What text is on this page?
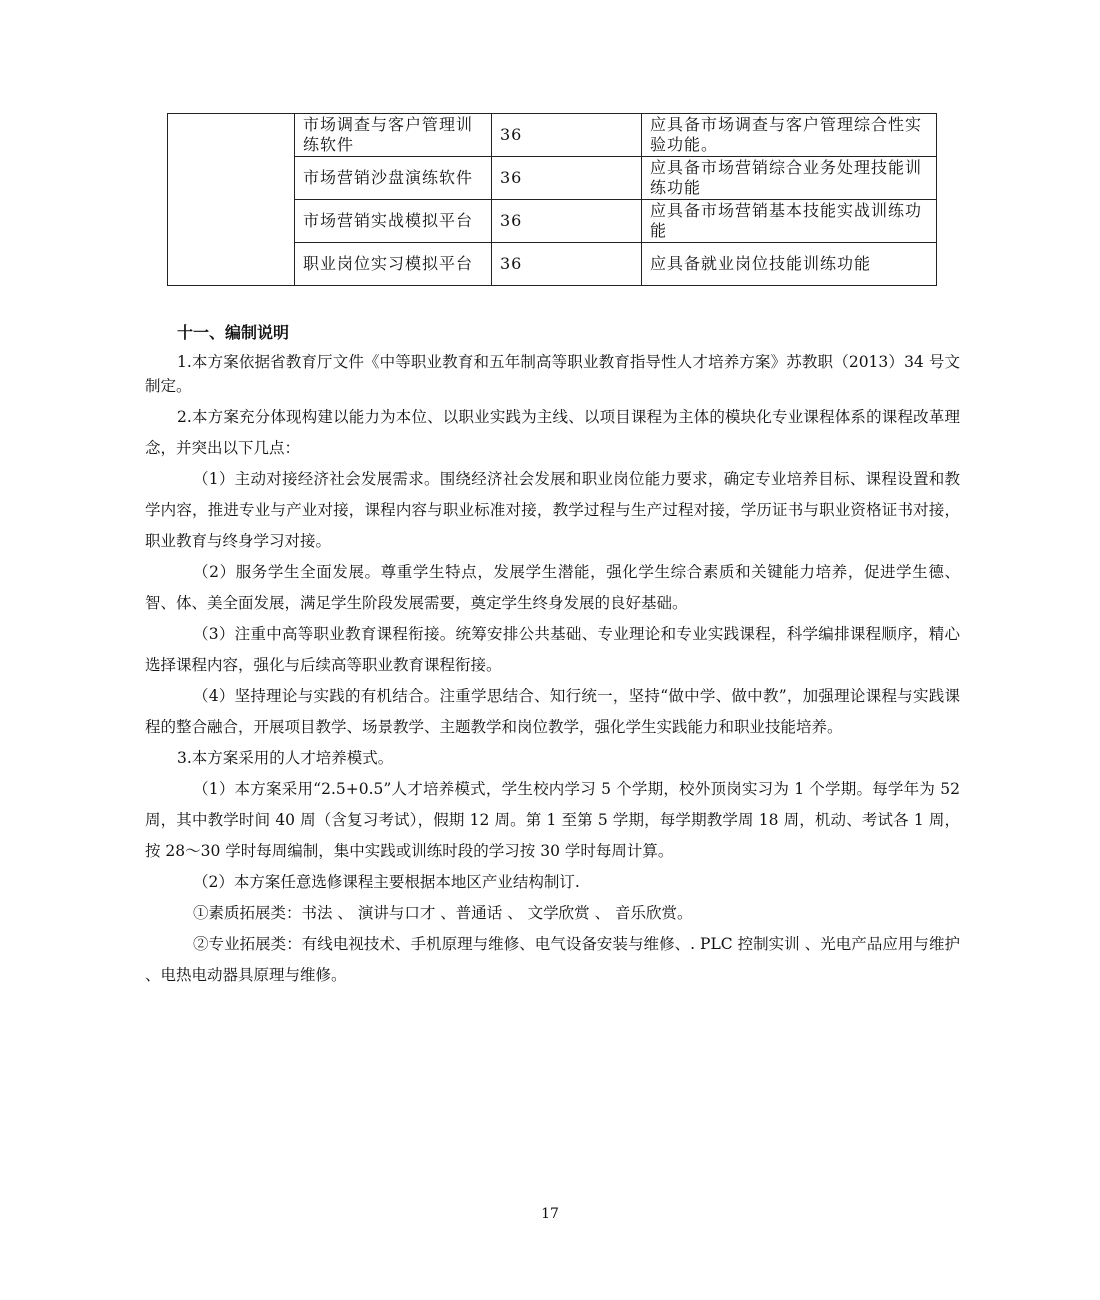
	市场调查与客户管理训练软件	36	应具备市场调查与客户管理综合性实验功能。
	市场营销沙盘演练软件	36	应具备市场营销综合业务处理技能训练功能
	市场营销实战模拟平台	36	应具备市场营销基本技能实战训练功能
	职业岗位实习模拟平台	36	应具备就业岗位技能训练功能
十一、编制说明

1.本方案依据省教育厅文件《中等职业教育和五年制高等职业教育指导性人才培养方案》苏教职（2013）34 号文制定。

2.本方案充分体现构建以能力为本位、以职业实践为主线、以项目课程为主体的模块化专业课程体系的课程改革理念，并突出以下几点：

（1）主动对接经济社会发展需求。围绕经济社会发展和职业岗位能力要求，确定专业培养目标、课程设置和教学内容，推进专业与产业对接，课程内容与职业标准对接，教学过程与生产过程对接，学历证书与职业资格证书对接，职业教育与终身学习对接。

（2）服务学生全面发展。尊重学生特点，发展学生潜能，强化学生综合素质和关键能力培养，促进学生德、智、体、美全面发展，满足学生阶段发展需要，奠定学生终身发展的良好基础。

（3）注重中高等职业教育课程衔接。统筹安排公共基础、专业理论和专业实践课程，科学编排课程顺序，精心选择课程内容，强化与后续高等职业教育课程衔接。

（4）坚持理论与实践的有机结合。注重学思结合、知行统一，坚持“做中学、做中教”，加强理论课程与实践课程的整合融合，开展项目教学、场景教学、主题教学和岗位教学，强化学生实践能力和职业技能培养。

3.本方案采用的人才培养模式。

（1）本方案采用“2.5+0.5”人才培养模式，学生校内学习 5 个学期，校外顶岗实习为 1 个学期。每学年为 52 周，其中教学时间 40 周（含复习考试），假期 12 周。第 1 至第 5 学期，每学期教学周 18 周，机动、考试各 1 周，按 28～30 学时每周编制，集中实践或训练时段的学习按 30 学时每周计算。

（2）本方案任意选修课程主要根据本地区产业结构制订.

①素质拓展类：书法 、 演讲与口才 、普通话 、 文学欣赏 、 音乐欣赏。

②专业拓展类：有线电视技术、手机原理与维修、电气设备安装与维修、. PLC 控制实训 、光电产品应用与维护 、电热电动器具原理与维修。

17
